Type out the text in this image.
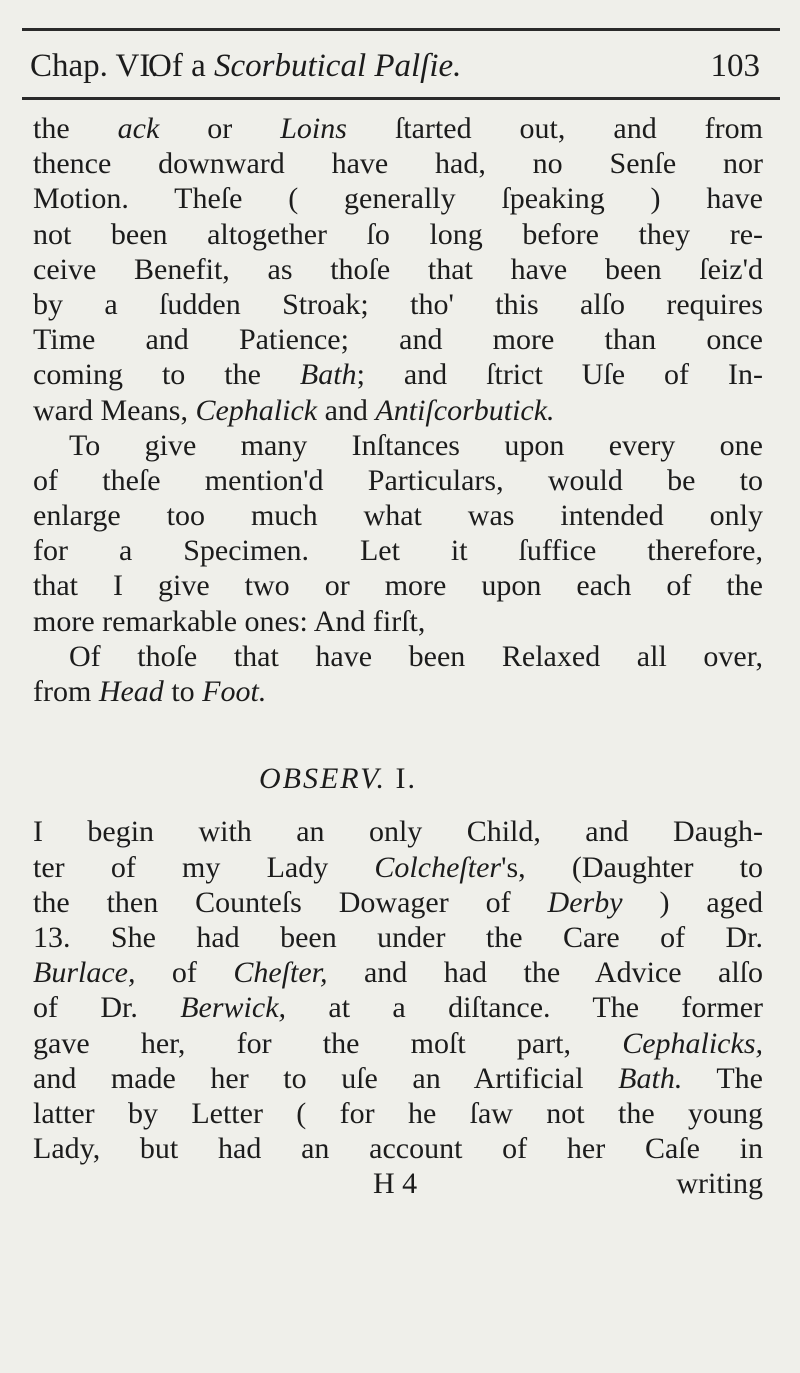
Chap. VI.
Of a Scorbutical Palſie.	103
the ack or Loins ſtarted out, and from
thence downward have had, no Senſe nor
Motion. Theſe ( generally ſpeaking ) have
not been altogether ſo long before they re-
ceive Benefit, as thoſe that have been ſeiz'd
by a ſudden Stroak; tho' this alſo requires
Time and Patience; and more than once
coming to the Bath; and ſtrict Uſe of In-
ward Means, Cephalick and Antiſcorbutick.
To give many Inſtances upon every one
of theſe mention'd Particulars, would be to
enlarge too much what was intended only
for a Specimen. Let it ſuffice therefore,
that I give two or more upon each of the
more remarkable ones: And firſt,
Of thoſe that have been Relaxed all over,
from Head to Foot.
OBSERV. I.
I begin with an only Child, and Daugh-
ter of my Lady Colcheſter's, (Daughter to
the then Counteſs Dowager of Derby ) aged
13. She had been under the Care of Dr.
Burlace, of Cheſter, and had the Advice alſo
of Dr. Berwick, at a diſtance. The former
gave her, for the moſt part, Cephalicks,
and made her to uſe an Artificial Bath. The
latter by Letter ( for he ſaw not the young
Lady, but had an account of her Caſe in
H 4	writing
